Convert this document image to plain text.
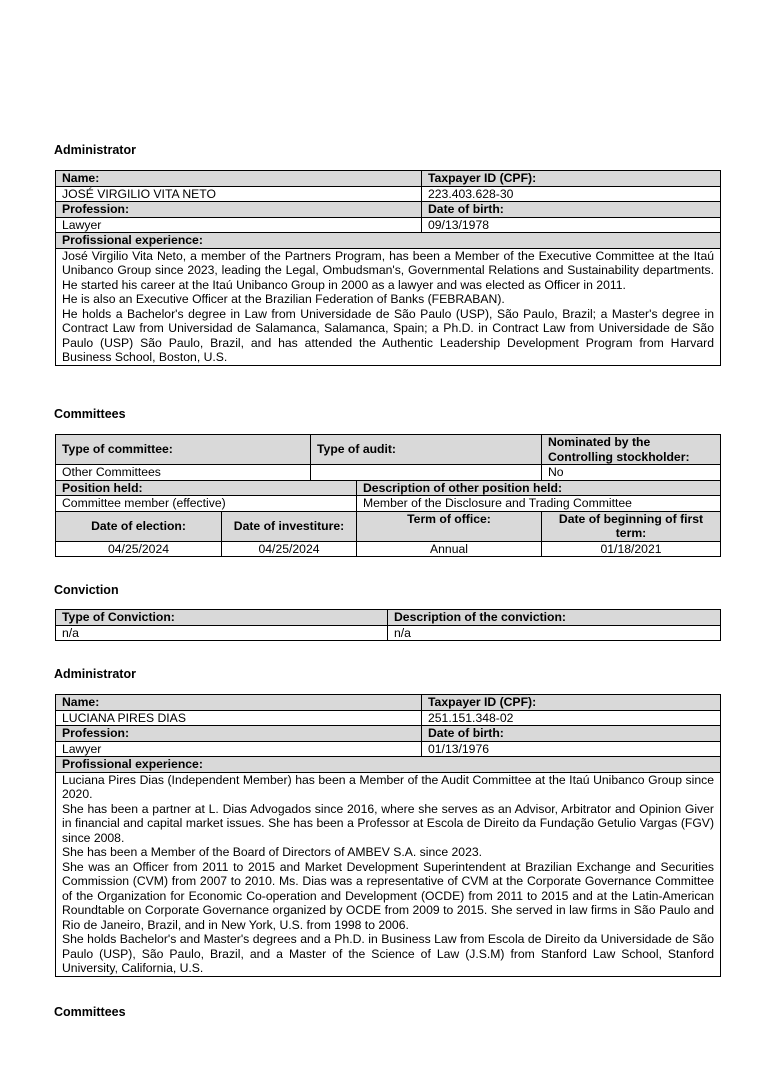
Administrator
Name:	Taxpayer ID (CPF):
JOSÉ VIRGILIO VITA NETO	223.403.628-30
Profession:	Date of birth:
Lawyer	09/13/1978
Profissional experience:	

José Virgilio Vita Neto, a member of the Partners Program, has been a Member of the Executive Committee at the Itaú Unibanco Group since 2023, leading the Legal, Ombudsman's, Governmental Relations and Sustainability departments. He started his career at the Itaú Unibanco Group in 2000 as a lawyer and was elected as Officer in 2011.

He is also an Executive Officer at the Brazilian Federation of Banks (FEBRABAN).

He holds a Bachelor's degree in Law from Universidade de São Paulo (USP), São Paulo, Brazil; a Master's degree in Contract Law from Universidad de Salamanca, Salamanca, Spain; a Ph.D. in Contract Law from Universidade de São Paulo (USP) São Paulo, Brazil, and has attended the Authentic Leadership Development Program from Harvard Business School, Boston, U.S.	

Committees
Type of committee:		Type of audit:		Nominated by the Controlling stockholder:
Other Committees				No
Position held:			Description of other position held:	
Committee member (effective)			Member of the Disclosure and Trading Committee	
Date of election:	Date of investiture:		Term of office:	Date of beginning of first term:
04/25/2024	04/25/2024		Annual	01/18/2021
Conviction
Type of Conviction:	Description of the conviction:
n/a	n/a
Administrator
Name:	Taxpayer ID (CPF):
LUCIANA PIRES DIAS	251.151.348-02
Profession:	Date of birth:
Lawyer	01/13/1976
Profissional experience:	

Luciana Pires Dias (Independent Member) has been a Member of the Audit Committee at the Itaú Unibanco Group since 2020.

She has been a partner at L. Dias Advogados since 2016, where she serves as an Advisor, Arbitrator and Opinion Giver in financial and capital market issues. She has been a Professor at Escola de Direito da Fundação Getulio Vargas (FGV) since 2008.

She has been a Member of the Board of Directors of AMBEV S.A. since 2023.

She was an Officer from 2011 to 2015 and Market Development Superintendent at Brazilian Exchange and Securities Commission (CVM) from 2007 to 2010. Ms. Dias was a representative of CVM at the Corporate Governance Committee of the Organization for Economic Co-operation and Development (OCDE) from 2011 to 2015 and at the Latin-American Roundtable on Corporate Governance organized by OCDE from 2009 to 2015. She served in law firms in São Paulo and Rio de Janeiro, Brazil, and in New York, U.S. from 1998 to 2006.

She holds Bachelor's and Master's degrees and a Ph.D. in Business Law from Escola de Direito da Universidade de São Paulo (USP), São Paulo, Brazil, and a Master of the Science of Law (J.S.M) from Stanford Law School, Stanford University, California, U.S.	

Committees
